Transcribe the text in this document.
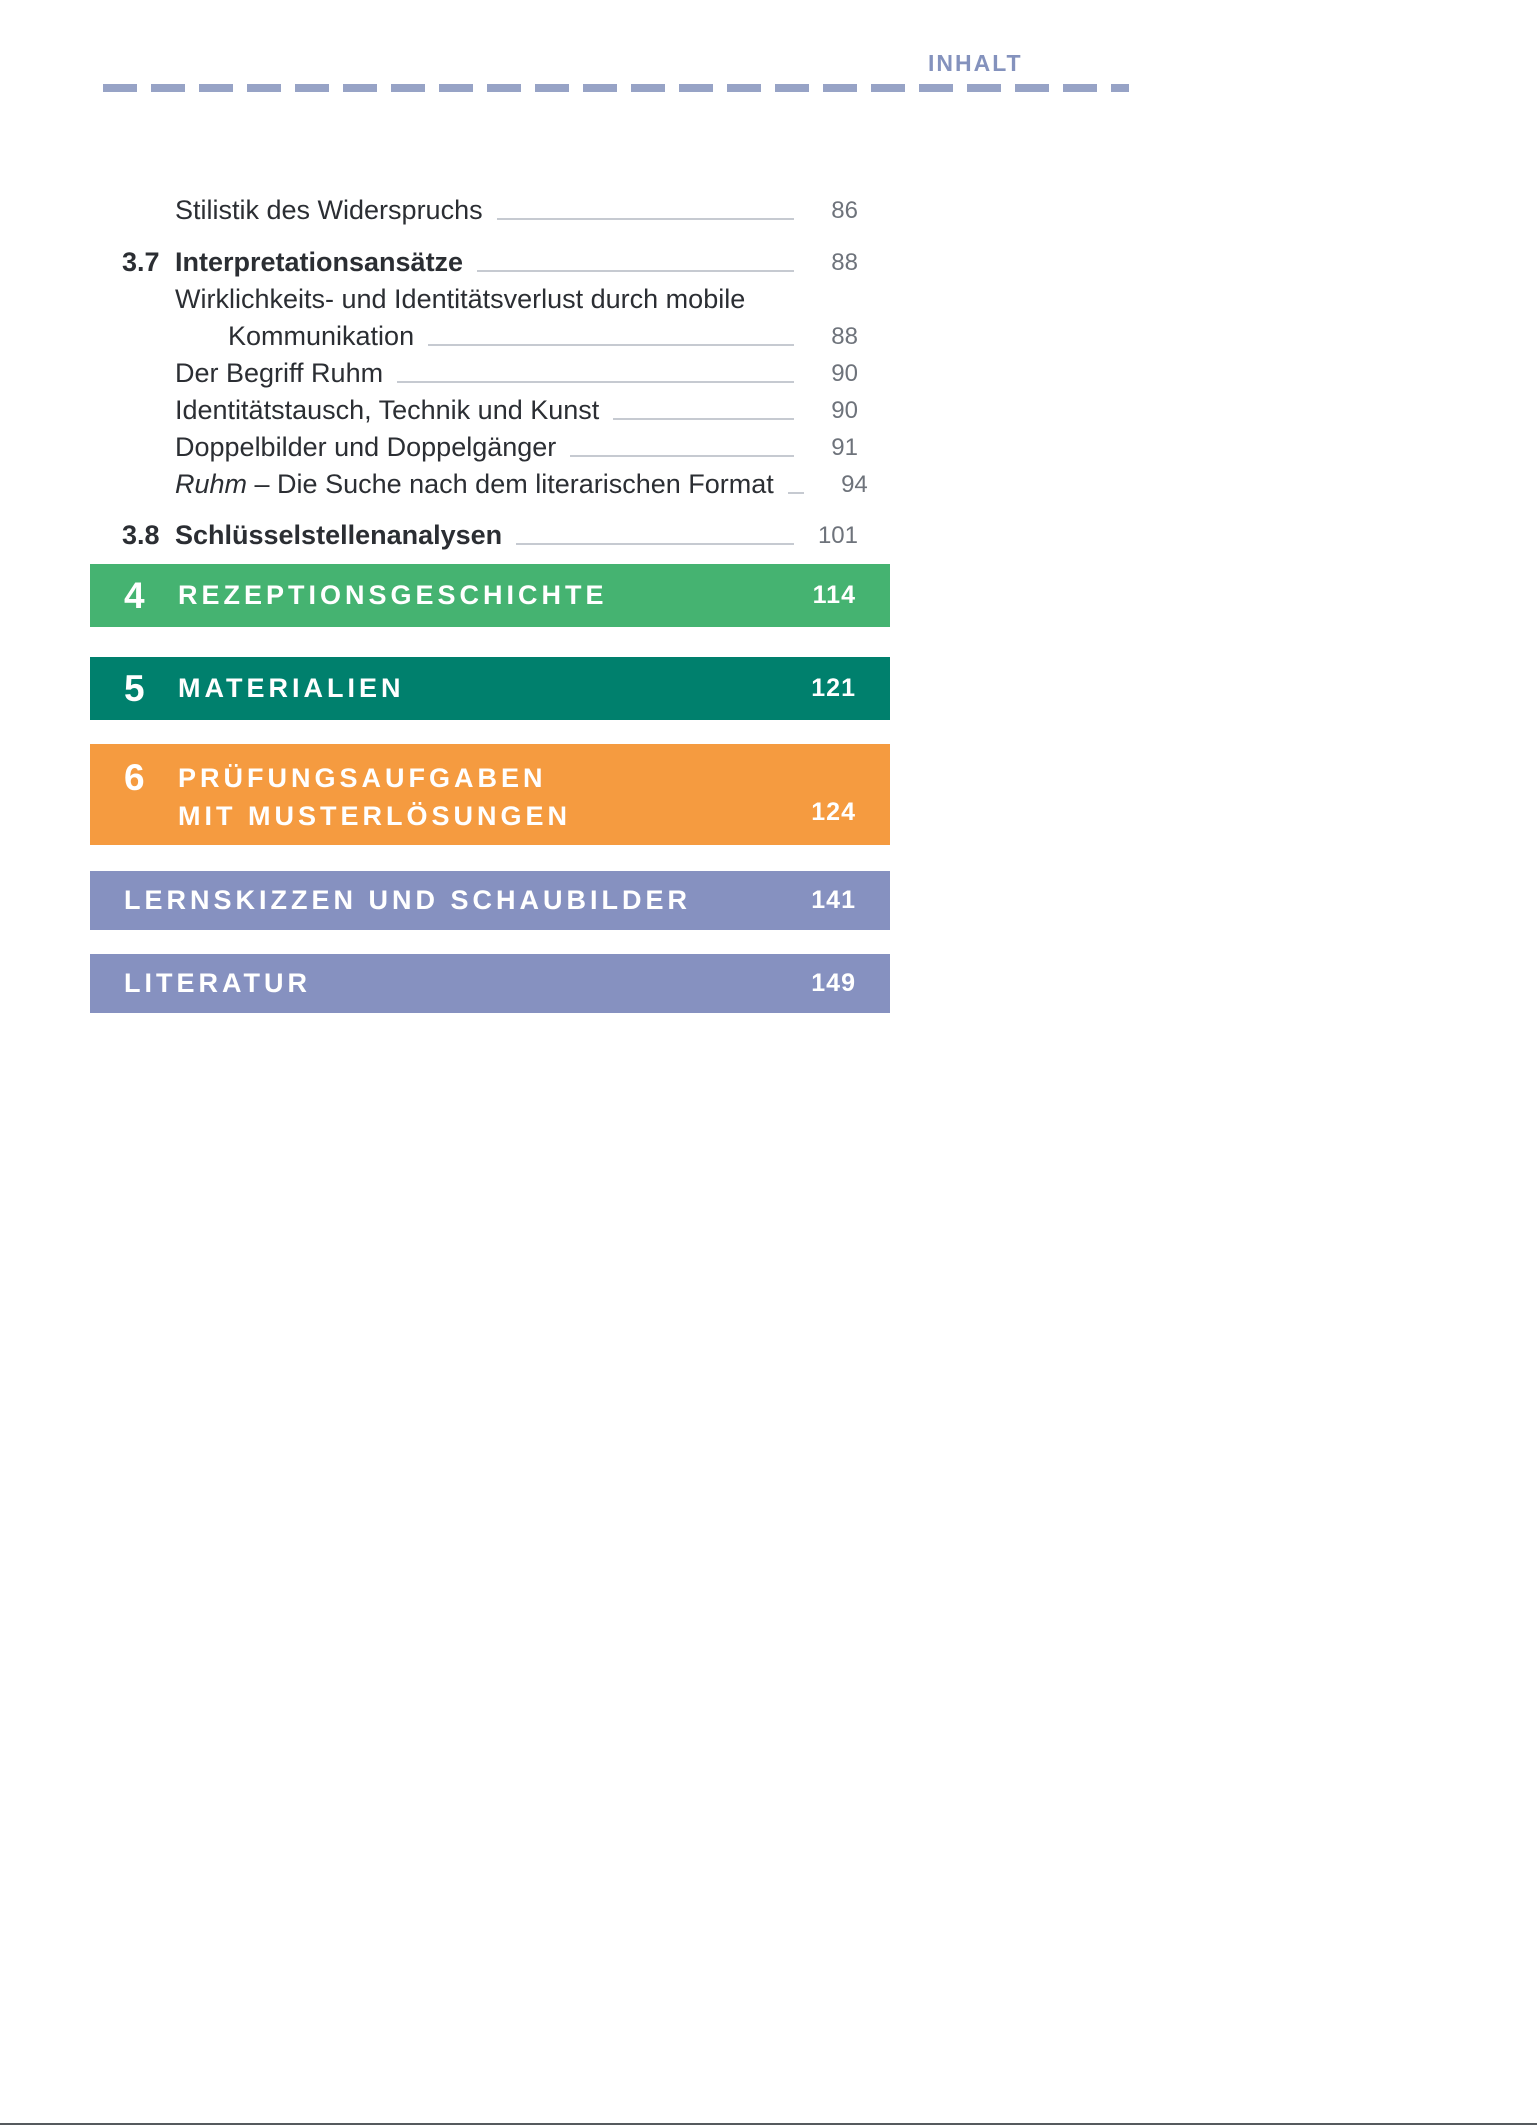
INHALT
Stilistik des Widerspruchs	86
3.7 Interpretationsansätze	88
Wirklichkeits- und Identitätsverlust durch mobile
Kommunikation	88
Der Begriff Ruhm	90
Identitätstausch, Technik und Kunst	90
Doppelbilder und Doppelgänger	91
Ruhm – Die Suche nach dem literarischen Format	94
3.8 Schlüsselstellenanalysen	101
4	REZEPTIONSGESCHICHTE	114
5	MATERIALIEN	121
6	PRÜFUNGSAUFGABEN
MIT MUSTERLÖSUNGEN	124
LERNSKIZZEN UND SCHAUBILDER	141
LITERATUR	149
